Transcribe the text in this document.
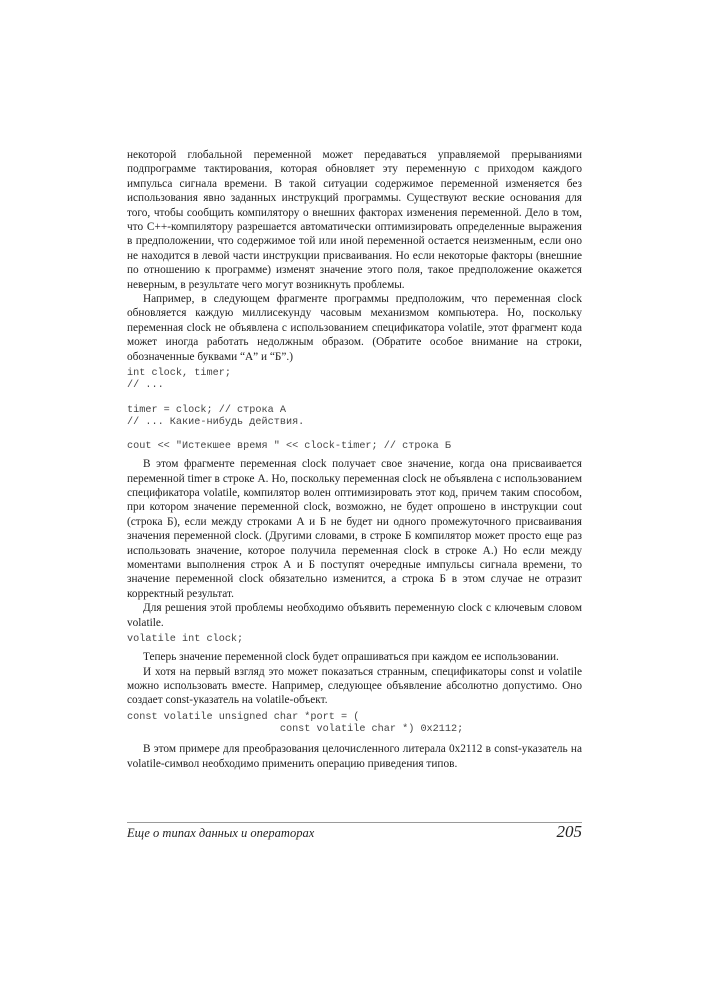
некоторой глобальной переменной может передаваться управляемой прерываниями подпрограмме тактирования, которая обновляет эту переменную с приходом каждого импульса сигнала времени. В такой ситуации содержимое переменной изменяется без использования явно заданных инструкций программы. Существуют веские основания для того, чтобы сообщить компилятору о внешних факторах изменения переменной. Дело в том, что C++-компилятору разрешается автоматически оптимизировать определенные выражения в предположении, что содержимое той или иной переменной остается неизменным, если оно не находится в левой части инструкции присваивания. Но если некоторые факторы (внешние по отношению к программе) изменят значение этого поля, такое предположение окажется неверным, в результате чего могут возникнуть проблемы.

Например, в следующем фрагменте программы предположим, что переменная clock обновляется каждую миллисекунду часовым механизмом компьютера. Но, поскольку переменная clock не объявлена с использованием спецификатора volatile, этот фрагмент кода может иногда работать недолжным образом. (Обратите особое внимание на строки, обозначенные буквами “А” и “Б”.)

int clock, timer;
// ...
timer = clock; // строка А
// ... Какие-нибудь действия.
cout << "Истекшее время " << clock-timer; // строка Б

В этом фрагменте переменная clock получает свое значение, когда она присваивается переменной timer в строке А. Но, поскольку переменная clock не объявлена с использованием спецификатора volatile, компилятор волен оптимизировать этот код, причем таким способом, при котором значение переменной clock, возможно, не будет опрошено в инструкции cout (строка Б), если между строками А и Б не будет ни одного промежуточного присваивания значения переменной clock. (Другими словами, в строке Б компилятор может просто еще раз использовать значение, которое получила переменная clock в строке А.) Но если между моментами выполнения строк А и Б поступят очередные импульсы сигнала времени, то значение переменной clock обязательно изменится, а строка Б в этом случае не отразит корректный результат.

Для решения этой проблемы необходимо объявить переменную clock с ключевым словом volatile.

volatile int clock;

Теперь значение переменной clock будет опрашиваться при каждом ее использовании.

И хотя на первый взгляд это может показаться странным, спецификаторы const и volatile можно использовать вместе. Например, следующее объявление абсолютно допустимо. Оно создает const-указатель на volatile-объект.

const volatile unsigned char *port = (
const volatile char *) 0x2112;

В этом примере для преобразования целочисленного литерала 0x2112 в const-указатель на volatile-символ необходимо применить операцию приведения типов.

Еще о типах данных и операторах	205
